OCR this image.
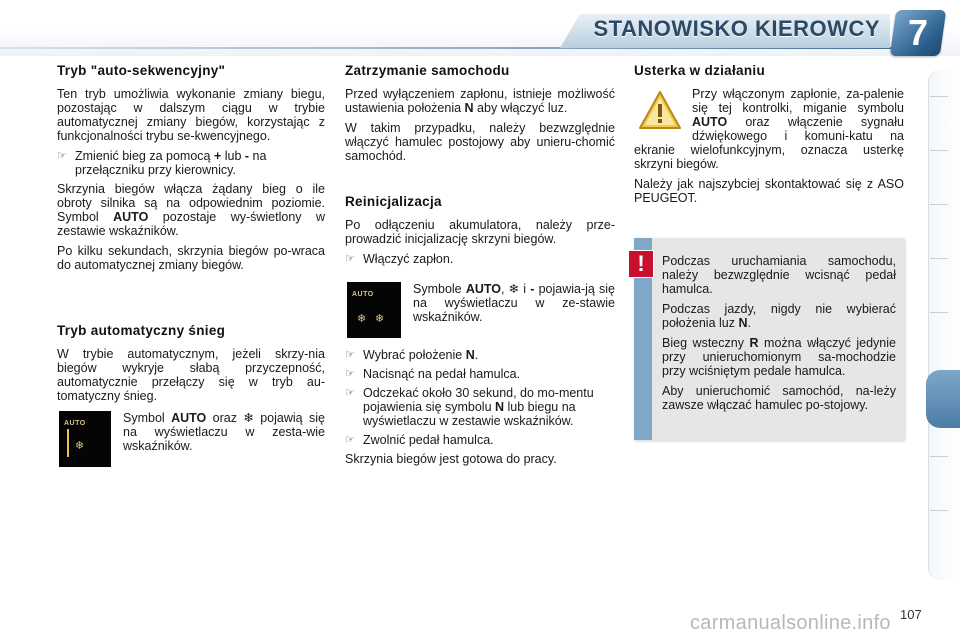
STANOWISKO KIEROWCY 7
Tryb "auto-sekwencyjny"

Ten tryb umożliwia wykonanie zmiany biegu, pozostając w dalszym ciągu w trybie automatycznej zmiany biegów, korzystając z funkcjonalności trybu se-kwencyjnego.

☞ Zmienić bieg za pomocą + lub - na przełączniku przy kierownicy.

Skrzynia biegów włącza żądany bieg o ile obroty silnika są na odpowiednim poziomie. Symbol AUTO pozostaje wy-świetlony w zestawie wskaźników.

Po kilku sekundach, skrzynia biegów po-wraca do automatycznej zmiany biegów.

Tryb automatyczny śnieg

W trybie automatycznym, jeżeli skrzy-nia biegów wykryje słabą przyczepność, automatycznie przełączy się w tryb au-tomatyczny śnieg.

AUTO
❄

Symbol AUTO oraz ❄ pojawią się na wyświetlaczu w zesta-wie wskaźników.

Zatrzymanie samochodu

Przed wyłączeniem zapłonu, istnieje możliwość ustawienia położenia N aby włączyć luz.

W takim przypadku, należy bezwzględnie włączyć hamulec postojowy aby unieru-chomić samochód.

Reinicjalizacja

Po odłączeniu akumulatora, należy prze-prowadzić inicjalizację skrzyni biegów.

☞ Włączyć zapłon.
AUTO
❄ ❄

Symbole AUTO, ❄ i - pojawia-ją się na wyświetlaczu w ze-stawie wskaźników.

☞ Wybrać położenie N.
☞ Nacisnąć na pedał hamulca.
☞ Odczekać około 30 sekund, do mo-mentu pojawienia się symbolu N lub biegu na wyświetlaczu w zestawie wskaźników.
☞ Zwolnić pedał hamulca.

Skrzynia biegów jest gotowa do pracy.

Usterka w działaniu

Przy włączonym zapłonie, za-palenie się tej kontrolki, miganie symbolu AUTO oraz włączenie sygnału dźwiękowego i komuni-katu na ekranie wielofunkcyjnym, oznacza usterkę skrzyni biegów.

Należy jak najszybciej skontaktować się z ASO PEUGEOT.

Podczas uruchamiania samochodu, należy bezwzględnie wcisnąć pedał hamulca.

Podczas jazdy, nigdy nie wybierać położenia luz N.

Bieg wsteczny R można włączyć jedynie przy unieruchomionym sa-mochodzie przy wciśniętym pedale hamulca.

Aby unieruchomić samochód, na-leży zawsze włączać hamulec po-stojowy.

!
107
carmanualsonline.info
